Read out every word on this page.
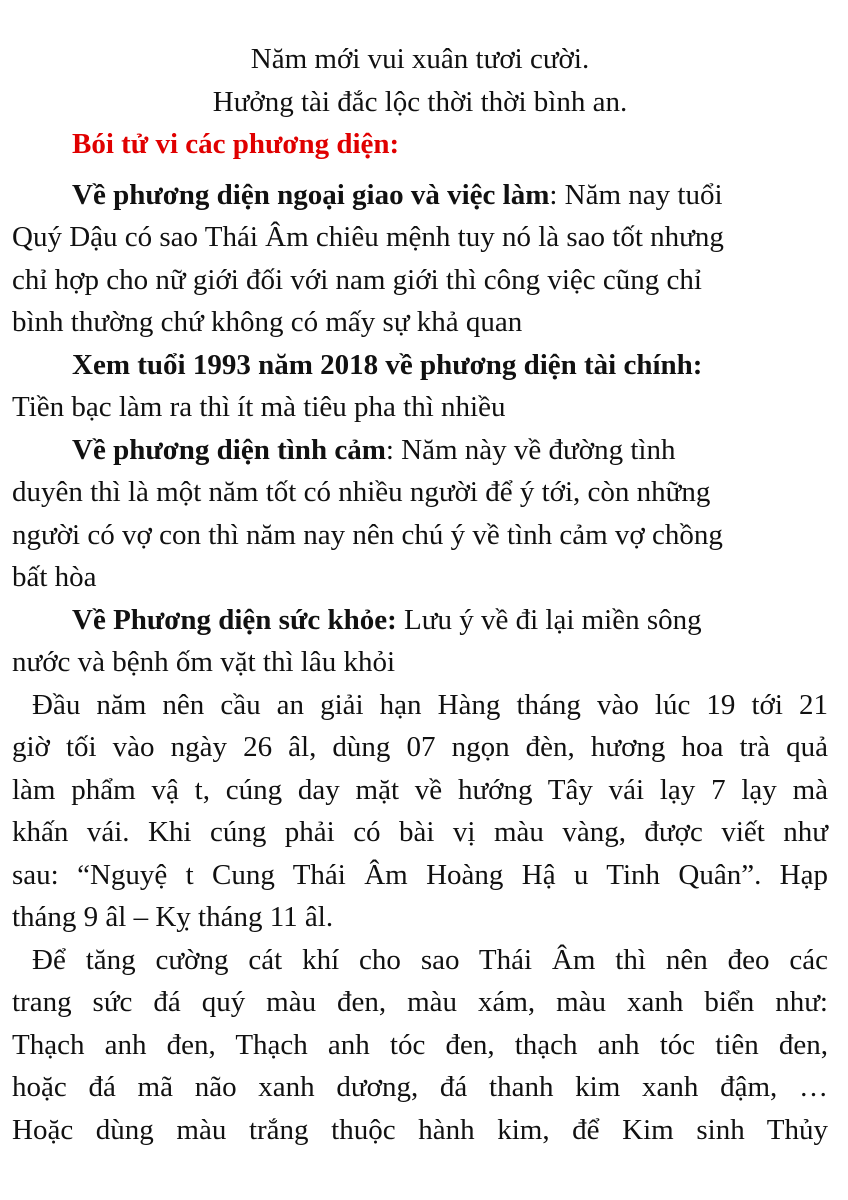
Năm mới vui xuân tươi cười.
Hưởng tài đắc lộc thời thời bình an.
Bói tử vi các phương diện:
Về phương diện ngoại giao và việc làm: Năm nay tuổi
Quý Dậu có sao Thái Âm chiêu mệnh tuy nó là sao tốt nhưng
chỉ hợp cho nữ giới đối với nam giới thì công việc cũng chỉ
bình thường chứ không có mấy sự khả quan
Xem tuổi 1993 năm 2018 về phương diện tài chính:
Tiền bạc làm ra thì ít mà tiêu pha thì nhiều
Về phương diện tình cảm: Năm này về đường tình
duyên thì là một năm tốt có nhiều người để ý tới, còn những
người có vợ con thì năm nay nên chú ý về tình cảm vợ chồng
bất hòa
Về Phương diện sức khỏe: Lưu ý về đi lại miền sông
nước và bệnh ốm vặt thì lâu khỏi
Đầu năm nên cầu an giải hạn Hàng tháng vào lúc 19 tới 21
giờ tối vào ngày 26 âl, dùng 07 ngọn đèn, hương hoa trà quả
làm phẩm vậ t, cúng day mặt về hướng Tây vái lạy 7 lạy mà
khấn vái. Khi cúng phải có bài vị màu vàng, được viết như
sau: “Nguyệ t Cung Thái Âm Hoàng Hậ u Tinh Quân”. Hạp
tháng 9 âl – Kỵ tháng 11 âl.
Để tăng cường cát khí cho sao Thái Âm thì nên đeo các
trang sức đá quý màu đen, màu xám, màu xanh biển như:
Thạch anh đen, Thạch anh tóc đen, thạch anh tóc tiên đen,
hoặc đá mã não xanh dương, đá thanh kim xanh đậm, …
Hoặc dùng màu trắng thuộc hành kim, để Kim sinh Thủy
